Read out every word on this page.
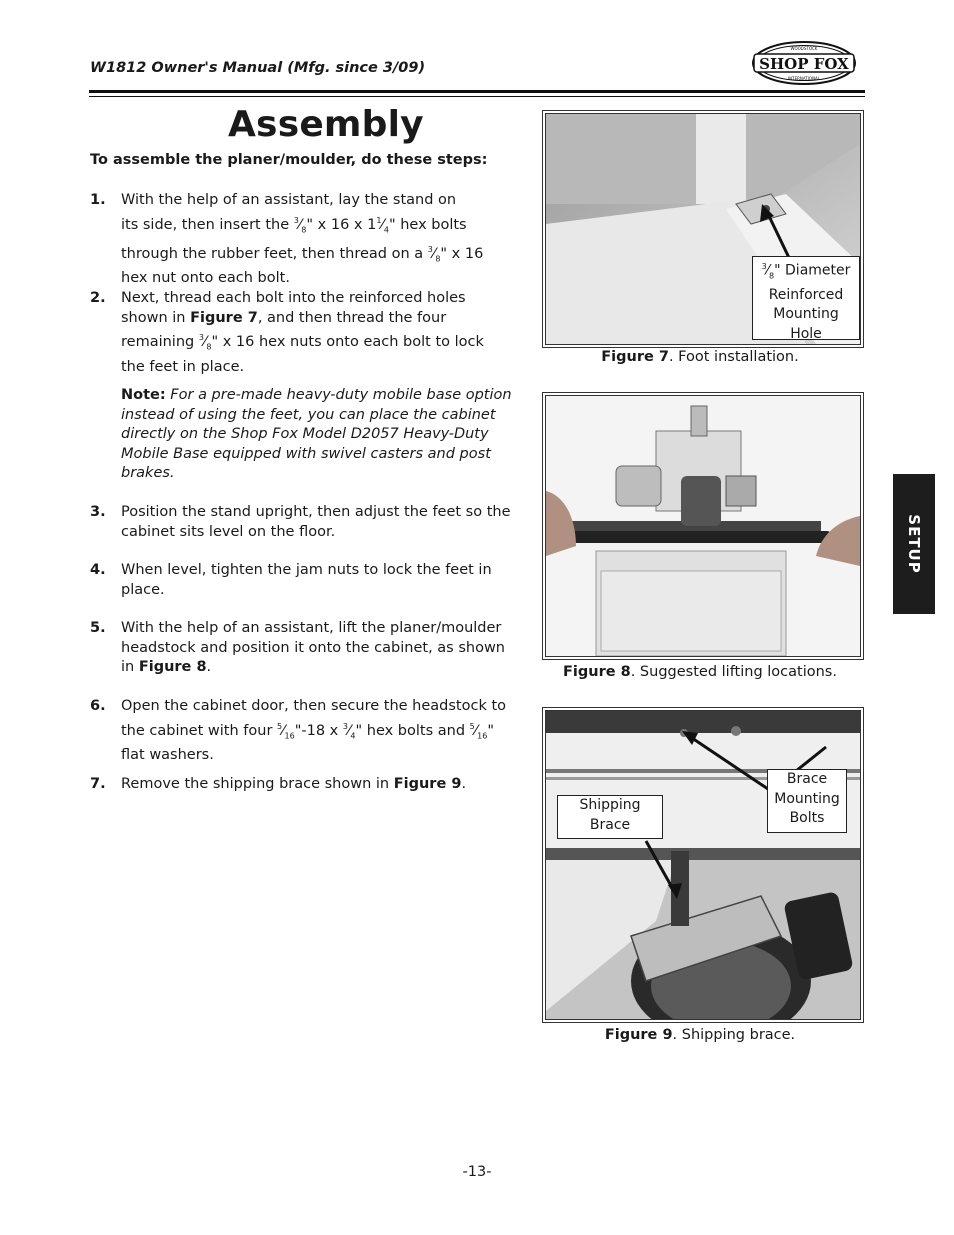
W1812 Owner's Manual (Mfg. since 3/09)	SHOP FOX
WOODSTOCK
INTERNATIONAL
Assembly
To assemble the planer/moulder, do these steps:
1. With the help of an assistant, lay the stand on
its side, then insert the $^3⁄_8$" x 16 x $1^1⁄_4$" hex bolts
through the rubber feet, then thread on a $^3⁄_8$" x 16
hex nut onto each bolt.
2. Next, thread each bolt into the reinforced holes
shown in Figure 7, and then thread the four
remaining $^3⁄_8$" x 16 hex nuts onto each bolt to lock
the feet in place.
Note: For a pre-made heavy-duty mobile base option instead of using the feet, you can place the cabinet directly on the Shop Fox Model D2057 Heavy-Duty Mobile Base equipped with swivel casters and post brakes.
3. Position the stand upright, then adjust the feet so the cabinet sits level on the floor.
4. When level, tighten the jam nuts to lock the feet in place.
5. With the help of an assistant, lift the planer/moulder headstock and position it onto the cabinet, as shown in Figure 8.
6. Open the cabinet door, then secure the headstock to the cabinet with four $^5⁄_{16}"-18$ x $^3⁄_4$" hex bolts and $^5⁄_{16}$"
flat washers.
7. Remove the shipping brace shown in Figure 9.
$^3⁄_8$" Diameter
Reinforced
Mounting
Hole
Figure 7. Foot installation.
Figure 8. Suggested lifting locations.
Shipping
Brace
Brace
Mounting
Bolts
Figure 9. Shipping brace.
SETUP
-13-
